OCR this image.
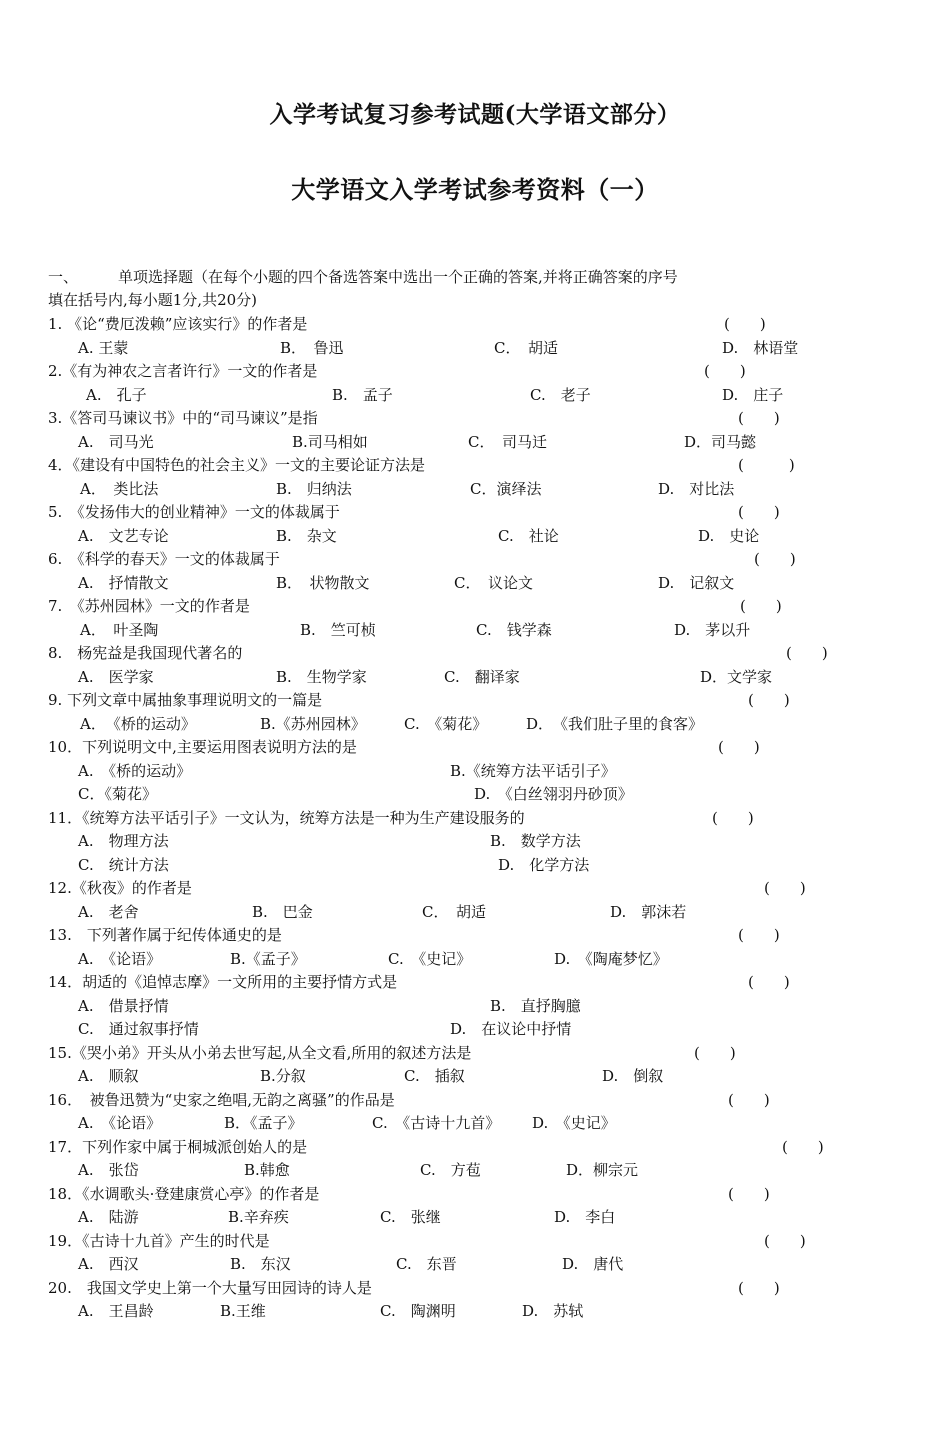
入学考试复习参考试题(大学语文部分）
大学语文入学考试参考资料（一）
一、	单项选择题（在每个小题的四个备选答案中选出一个正确的答案,并将正确答案的序号
填在括号内,每小题1分,共20分)
1. 《论“费厄泼赖”应该实行》的作者是	(　　)
A. 王蒙	B．　鲁迅	C．　胡适	D.　林语堂
2.《有为神农之言者许行》一文的作者是	(　　)
A.　孔子	B.　孟子	C.　老子	D.　庄子
3.《答司马谏议书》中的“司马谏议”是指	(　　)
A.　司马光	B.司马相如	C．　司马迁	D．司马懿
4．《建设有中国特色的社会主义》一文的主要论证方法是	(　　　)
A．　类比法	B.　归纳法	C．演绎法	D.　对比法
5.　《发扬伟大的创业精神》一文的体裁属于	(　　)
A.　文艺专论	B.　杂文	C.　社论	D.　史论
6.　《科学的春天》一文的体裁属于	(　　)
A.　抒情散文	B．　状物散文	C．　议论文	D.　记叙文
7.　《苏州园林》一文的作者是	(　　)
A．　叶圣陶	B.　竺可桢	C.　钱学森	D.　茅以升
8.　杨宪益是我国现代著名的	(　　)
A.　医学家	B.　生物学家	C.　翻译家	D．文学家
9. 下列文章中属抽象事理说明文的一篇是	(　　)
A．　《桥的运动》	B.《苏州园林》	C.　《菊花》	D．　《我们肚子里的食客》
10．下列说明文中,主要运用图表说明方法的是	(　　)
A.　《桥的运动》	B.《统筹方法平话引子》
C．《菊花》	D.　《白丝翎羽丹砂顶》
11．《统筹方法平话引子》一文认为，统筹方法是一种为生产建设服务的	(　　)
A.　物理方法	B.　数学方法
C.　统计方法	D.　化学方法
12.《秋夜》的作者是	(　　)
A.　老舍	B.　巴金	C．　胡适	D.　郭沫若
13.　下列著作属于纪传体通史的是	(　　)
A.　《论语》	B.《孟子》	C.　《史记》	D.　《陶庵梦忆》
14．胡适的《追悼志摩》一文所用的主要抒情方式是	(　　)
A.　借景抒情	B.　直抒胸臆
C.　通过叙事抒情	D.　在议论中抒情
15.《哭小弟》开头从小弟去世写起,从全文看,所用的叙述方法是	(　　)
A.　顺叙	B.分叙	C.　插叙	D.　倒叙
16．　被鲁迅赞为“史家之绝唱,无韵之离骚”的作品是	(　　)
A.　《论语》	B．《孟子》	C.　《古诗十九首》 D.　《史记》
17．下列作家中属于桐城派创始人的是	(　　)
A.　张岱	B.韩愈	C.　方苞	D．柳宗元
18．《水调歌头·登建康赏心亭》的作者是	(　　)
A.　陆游	B.辛弃疾	C.　张继	D.　李白
19．《古诗十九首》产生的时代是	(　　)
A.　西汉	B.　东汉	C.　东晋	D.　唐代
20.　我国文学史上第一个大量写田园诗的诗人是	(　　)
A.　王昌龄	B.王维	C.　陶渊明	D.　苏轼
